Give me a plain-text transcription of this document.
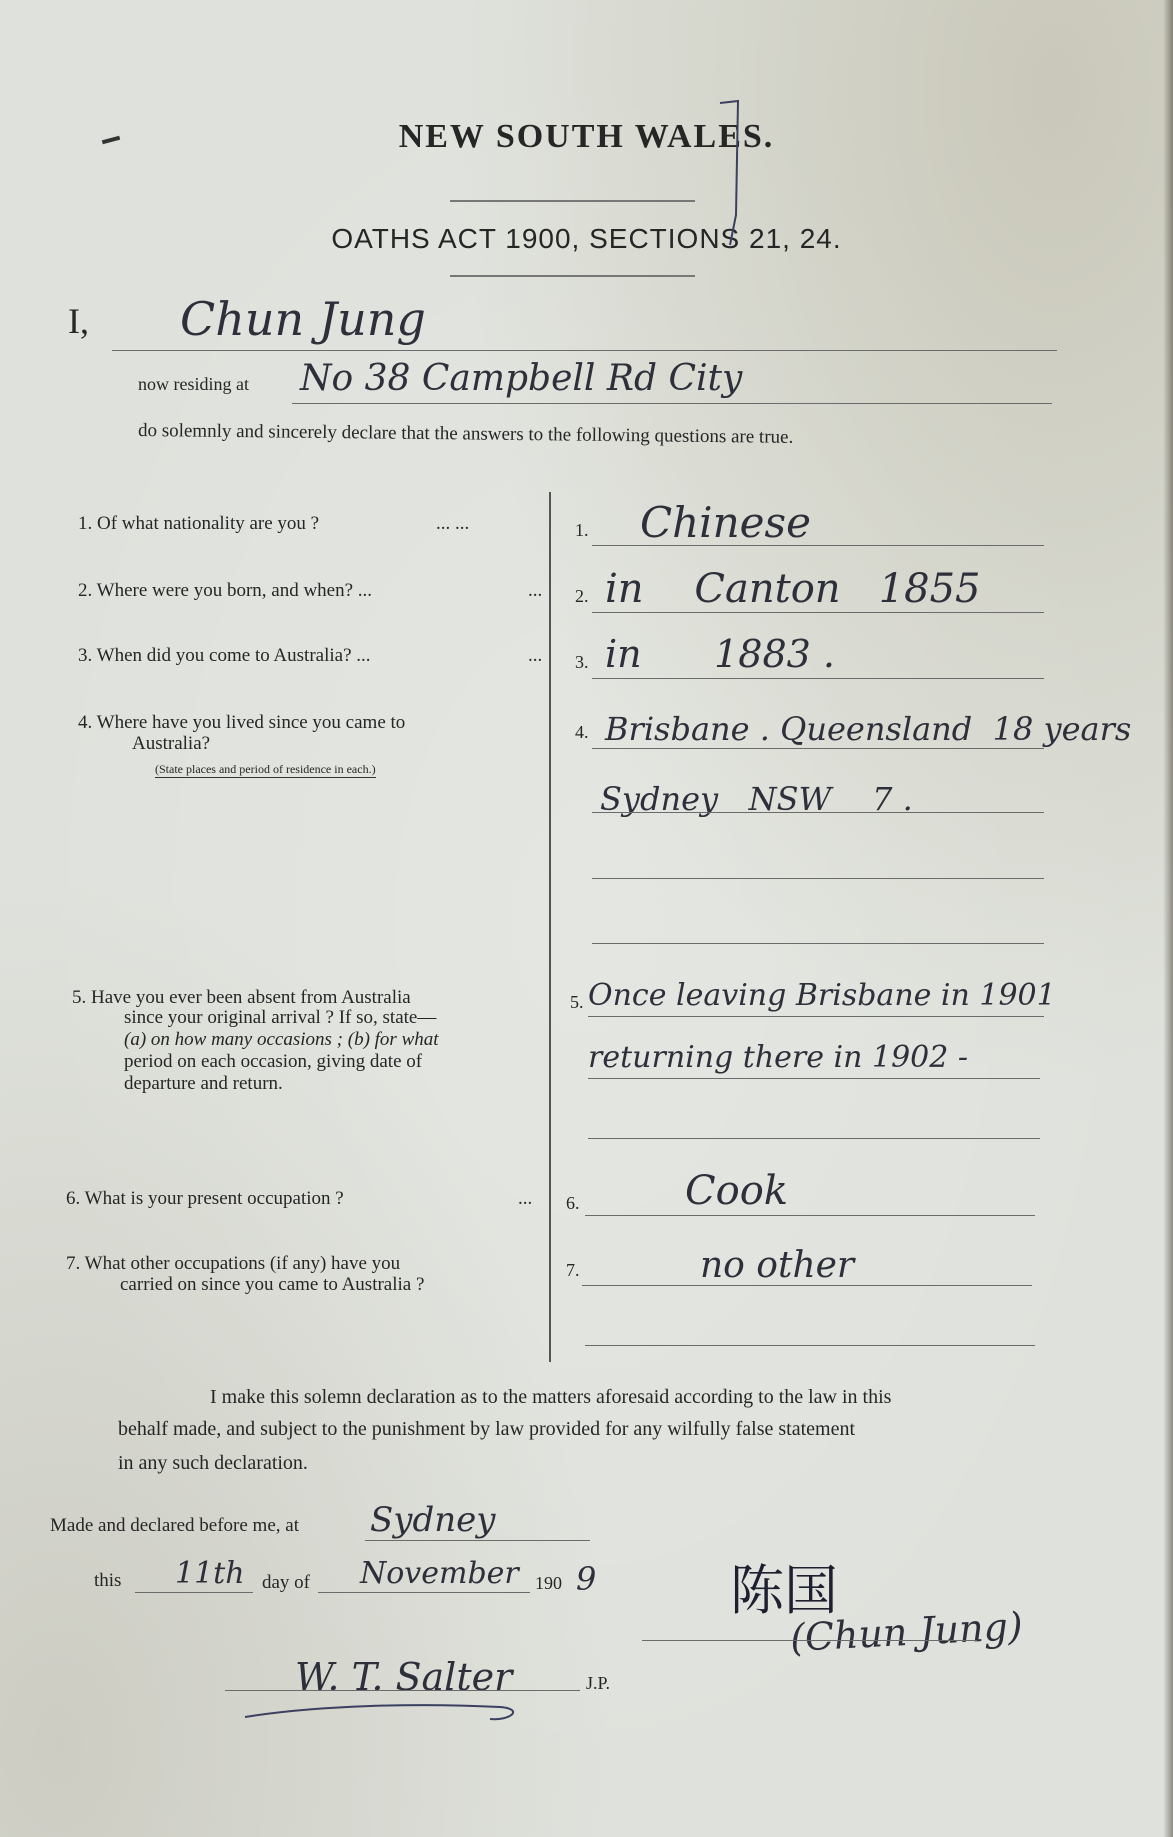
NEW SOUTH WALES.
OATHS ACT 1900, SECTIONS 21, 24.
I, Chun Jung
now residing at No 38 Campbell Rd City
do solemnly and sincerely declare that the answers to the following questions are true.
1. Of what nationality are you ?	... ...	1. Chinese
2. Where were you born, and when? ...	... 2. in    Canton   1855
3. When did you come to Australia? ...	... 3. in      1883 .
4. Where have you lived since you came to
Australia?
(State places and period of residence in each.)
4. Brisbane . Queensland  18 years
Sydney   NSW    7 .
5. Have you ever been absent from Australia
since your original arrival ? If so, state—
(a) on how many occasions ; (b) for what
period on each occasion, giving date of
departure and return.
5. Once leaving Brisbane in 1901
returning there in 1902 -
6. What is your present occupation ?	... 6.	Cook
7. What other occupations (if any) have you
carried on since you came to Australia ?
7.	no other
I make this solemn declaration as to the matters aforesaid according to the law in this
behalf made, and subject to the punishment by law provided for any wilfully false statement
in any such declaration.
Made and declared before me, at Sydney
this 11th day of November 190 9 陈国
(Chun Jung)
W. T. Salter	J.P.
